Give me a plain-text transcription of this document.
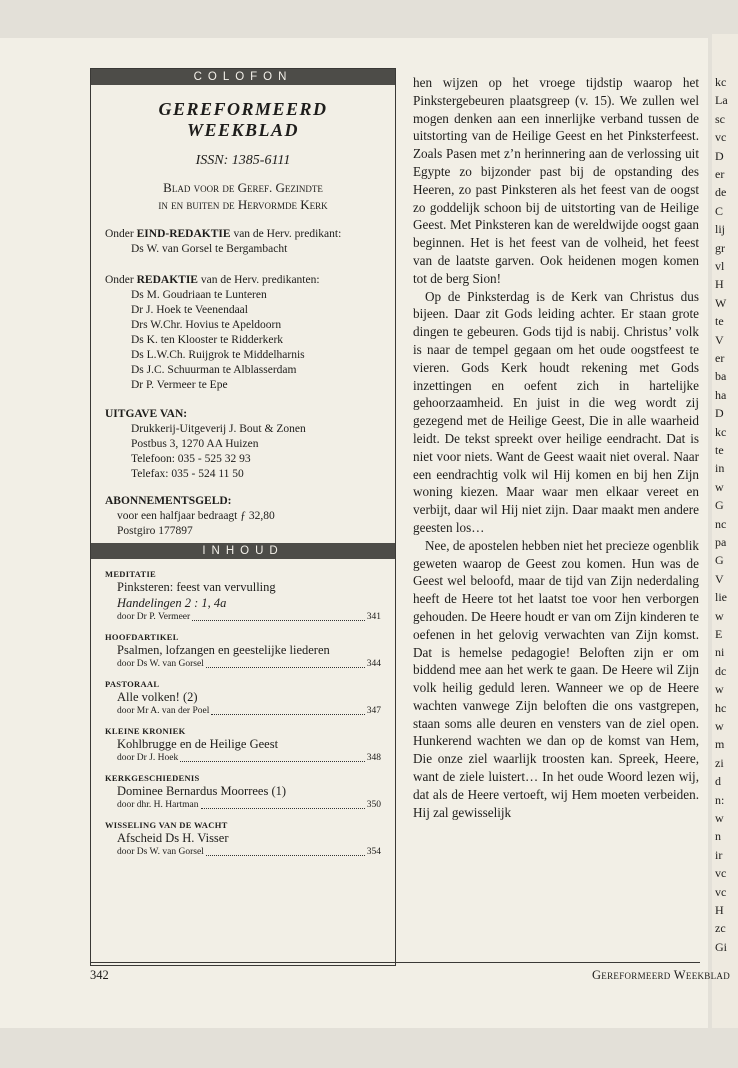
kc
La
sc
vc
D
er
de
C
lij
gr
vl
H
W
te
V
er
ba
ha
D
kc
te
in
w
G
nc
pa
G
V
lie
w
E
ni
dc
w
hc
w
m
zi
d
n:
w
n
ir
vc
vc
H
zc
Gi
COLOFON
GEREFORMEERD
WEEKBLAD
ISSN: 1385-6111
Blad voor de Geref. Gezindte
in en buiten de Hervormde Kerk
Onder EIND-REDAKTIE van de Herv. predikant:
Ds W. van Gorsel te Bergambacht
Onder REDAKTIE van de Herv. predikanten:
Ds M. Goudriaan te Lunteren
Dr J. Hoek te Veenendaal
Drs W.Chr. Hovius te Apeldoorn
Ds K. ten Klooster te Ridderkerk
Ds L.W.Ch. Ruijgrok te Middelharnis
Ds J.C. Schuurman te Alblasserdam
Dr P. Vermeer te Epe
UITGAVE VAN:
Drukkerij-Uitgeverij J. Bout & Zonen
Postbus 3, 1270 AA Huizen
Telefoon: 035 - 525 32 93
Telefax: 035 - 524 11 50
ABONNEMENTSGELD:
voor een halfjaar bedraagt ƒ 32,80
Postgiro 177897
INHOUD
MEDITATIE
Pinksteren: feest van vervulling
Handelingen 2 : 1, 4a
door Dr P. Vermeer	341
HOOFDARTIKEL
Psalmen, lofzangen en geestelijke liederen
door Ds W. van Gorsel	344
PASTORAAL
Alle volken! (2)
door Mr A. van der Poel	347
KLEINE KRONIEK
Kohlbrugge en de Heilige Geest
door Dr J. Hoek	348
KERKGESCHIEDENIS
Dominee Bernardus Moorrees (1)
door dhr. H. Hartman	350
WISSELING VAN DE WACHT
Afscheid Ds H. Visser
door Ds W. van Gorsel	354

hen wijzen op het vroege tijdstip waarop het Pinkstergebeuren plaatsgreep (v. 15). We zullen wel mogen denken aan een innerlijke verband tussen de uitstorting van de Heilige Geest en het Pinksterfeest. Zoals Pasen met z’n herinnering aan de verlossing uit Egypte zo bijzonder past bij de opstanding des Heeren, zo past Pinksteren als het feest van de oogst zo goddelijk schoon bij de uitstorting van de Heilige Geest. Met Pinksteren kan de wereldwijde oogst gaan beginnen. Het is het feest van de volheid, het feest van de laatste garven. Ook heidenen mogen komen tot de berg Sion!

Op de Pinksterdag is de Kerk van Christus dus bijeen. Daar zit Gods leiding achter. Er staan grote dingen te gebeuren. Gods tijd is nabij. Christus’ volk is naar de tempel gegaan om het oude oogstfeest te vieren. Gods Kerk houdt rekening met Gods inzettingen en oefent zich in hartelijke gehoorzaamheid. En juist in die weg wordt zij gezegend met de Heilige Geest, Die in alle waarheid leidt. De tekst spreekt over heilige eendracht. Dat is niet voor niets. Want de Geest waait niet overal. Naar een eendrachtig volk wil Hij komen en bij hen Zijn woning kiezen. Maar waar men elkaar vereet en verbijt, daar wil Hij niet zijn. Daar maakt men andere geesten los…

Nee, de apostelen hebben niet het precieze ogenblik geweten waarop de Geest zou komen. Hun was de Geest wel beloofd, maar de tijd van Zijn nederdaling heeft de Heere tot het laatst toe voor hen verborgen gehouden. De Heere houdt er van om Zijn kinderen te oefenen in het gelovig verwachten van Zijn komst. Dat is hemelse pedagogie! Beloften zijn er om biddend mee aan het werk te gaan. De Heere wil Zijn volk heilig geduld leren. Wanneer we op de Heere wachten vanwege Zijn beloften die ons vastgrepen, staan soms alle deuren en vensters van de ziel open. Hunkerend wachten we dan op de komst van Hem, Die onze ziel waarlijk troosten kan. Spreek, Heere, want de ziele luistert… In het oude Woord lezen wij, dat als de Heere vertoeft, wij Hem moeten verbeiden. Hij zal gewisselijk

342	Gereformeerd Weekblad
